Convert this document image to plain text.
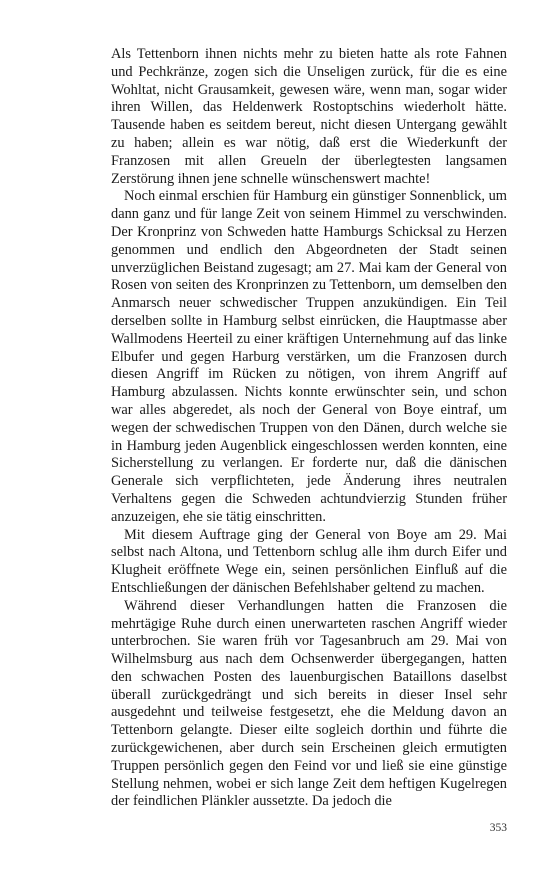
Als Tettenborn ihnen nichts mehr zu bieten hatte als rote Fahnen und Pechkränze, zogen sich die Unseligen zurück, für die es eine Wohltat, nicht Grausamkeit, gewesen wäre, wenn man, sogar wider ihren Willen, das Heldenwerk Rostoptschins wiederholt hätte. Tausende haben es seitdem bereut, nicht diesen Untergang gewählt zu haben; allein es war nötig, daß erst die Wiederkunft der Franzosen mit allen Greueln der überlegtesten langsamen Zerstörung ihnen jene schnelle wünschenswert machte!

Noch einmal erschien für Hamburg ein günstiger Sonnenblick, um dann ganz und für lange Zeit von seinem Himmel zu verschwinden. Der Kronprinz von Schweden hatte Hamburgs Schicksal zu Herzen genommen und endlich den Abgeordneten der Stadt seinen unverzüglichen Beistand zugesagt; am 27. Mai kam der General von Rosen von seiten des Kronprinzen zu Tettenborn, um demselben den Anmarsch neuer schwedischer Truppen anzukündigen. Ein Teil derselben sollte in Hamburg selbst einrücken, die Hauptmasse aber Wallmodens Heerteil zu einer kräftigen Unternehmung auf das linke Elbufer und gegen Harburg verstärken, um die Franzosen durch diesen Angriff im Rücken zu nötigen, von ihrem Angriff auf Hamburg abzulassen. Nichts konnte erwünschter sein, und schon war alles abgeredet, als noch der General von Boye eintraf, um wegen der schwedischen Truppen von den Dänen, durch welche sie in Hamburg jeden Augenblick eingeschlossen werden konnten, eine Sicherstellung zu verlangen. Er forderte nur, daß die dänischen Generale sich verpflichteten, jede Änderung ihres neutralen Verhaltens gegen die Schweden achtundvierzig Stunden früher anzuzeigen, ehe sie tätig einschritten.

Mit diesem Auftrage ging der General von Boye am 29. Mai selbst nach Altona, und Tettenborn schlug alle ihm durch Eifer und Klugheit eröffnete Wege ein, seinen persönlichen Einfluß auf die Entschließungen der dänischen Befehlshaber geltend zu machen.

Während dieser Verhandlungen hatten die Franzosen die mehrtägige Ruhe durch einen unerwarteten raschen Angriff wieder unterbrochen. Sie waren früh vor Tagesanbruch am 29. Mai von Wilhelmsburg aus nach dem Ochsenwerder übergegangen, hatten den schwachen Posten des lauenburgischen Bataillons daselbst überall zurückgedrängt und sich bereits in dieser Insel sehr ausgedehnt und teilweise festgesetzt, ehe die Meldung davon an Tettenborn gelangte. Dieser eilte sogleich dorthin und führte die zurückgewichenen, aber durch sein Erscheinen gleich ermutigten Truppen persönlich gegen den Feind vor und ließ sie eine günstige Stellung nehmen, wobei er sich lange Zeit dem heftigen Kugelregen der feindlichen Plänkler aussetzte. Da jedoch die

353
